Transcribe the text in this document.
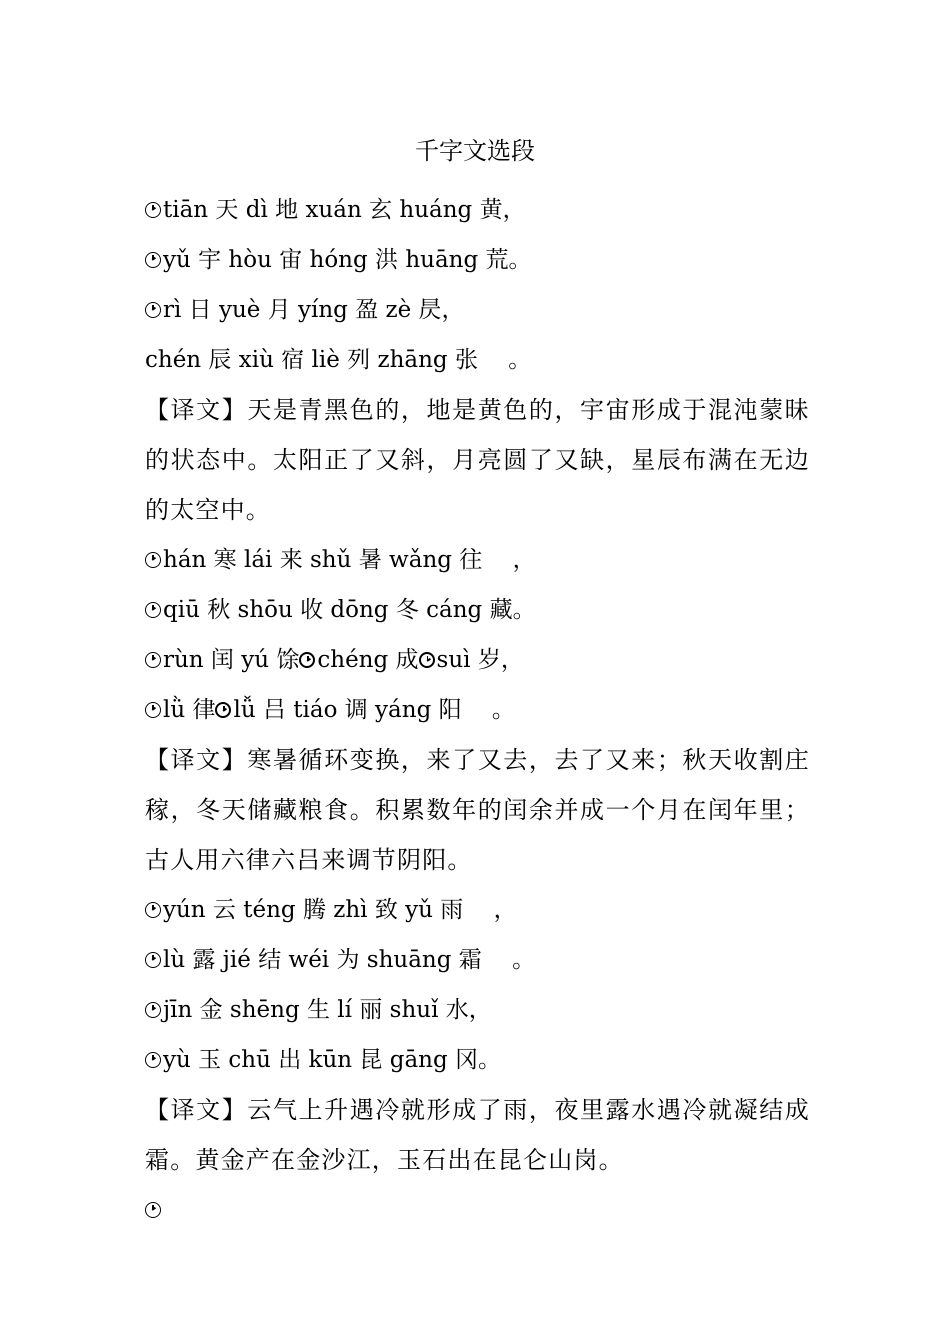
千字文选段
tiān 天 dì 地 xuán 玄 huáng 黄，
yǔ 宇 hòu 宙 hóng 洪 huāng 荒。
rì 日 yuè 月 yíng 盈 zè 昃，
chén 辰 xiù 宿 liè 列 zhāng 张　 。
【译文】天是青黑色的，地是黄色的，宇宙形成于混沌蒙昧的状态中。太阳正了又斜，月亮圆了又缺，星辰布满在无边的太空中。
hán 寒 lái 来 shǔ 暑 wǎng 往　 ，
qiū 秋 shōu 收 dōng 冬 cáng 藏。
rùn 闰 yú 馀 chéng 成 suì 岁，
lǜ 律 lǚ 吕 tiáo 调 yáng 阳　 。
【译文】寒暑循环变换，来了又去，去了又来；秋天收割庄稼，冬天储藏粮食。积累数年的闰余并成一个月在闰年里；古人用六律六吕来调节阴阳。
yún 云 téng 腾 zhì 致 yǔ 雨　 ，
lù 露 jié 结 wéi 为 shuāng 霜　 。
jīn 金 shēng 生 lí 丽 shuǐ 水，
yù 玉 chū 出 kūn 昆 gāng 冈。
【译文】云气上升遇冷就形成了雨，夜里露水遇冷就凝结成霜。黄金产在金沙江，玉石出在昆仑山岗。
